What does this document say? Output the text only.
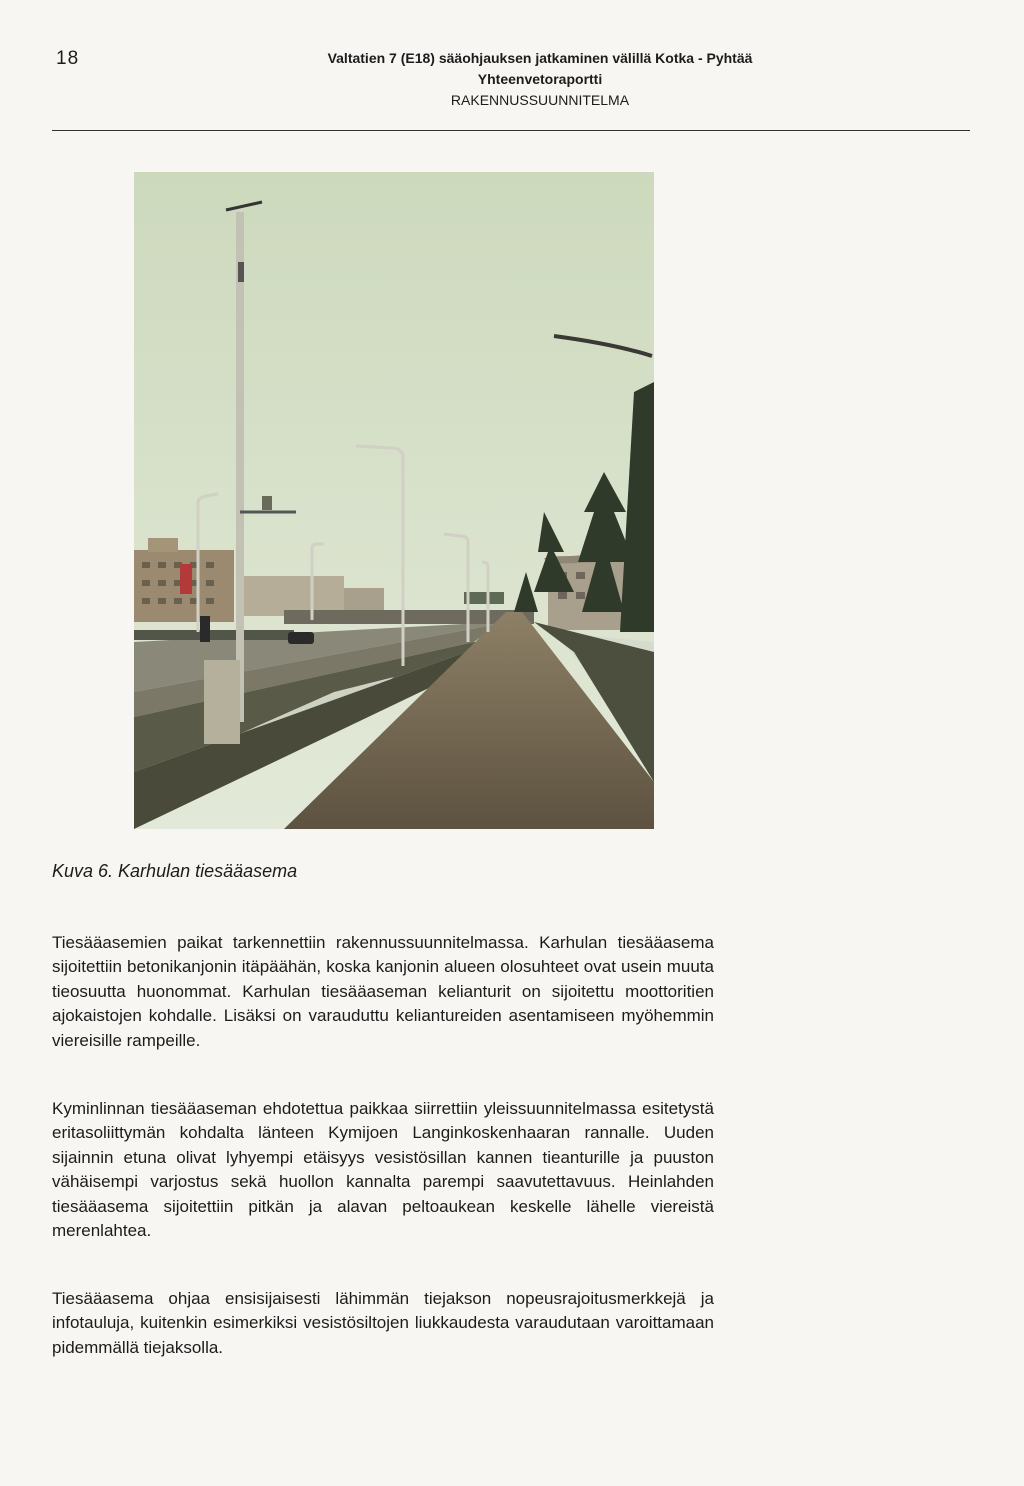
18	Valtatien 7 (E18) sääohjauksen jatkaminen välillä Kotka - Pyhtää
Yhteenvetoraportti
RAKENNUSSUUNNITELMA
Kuva 6. Karhulan tiesääasema

Tiesääasemien paikat tarkennettiin rakennussuunnitelmassa. Karhulan tiesääasema sijoitettiin betonikanjonin itäpäähän, koska kanjonin alueen olosuhteet ovat usein muuta tieosuutta huonommat. Karhulan tiesääaseman kelianturit on sijoitettu moottoritien ajokaistojen kohdalle. Lisäksi on varauduttu keliantureiden asentamiseen myöhemmin viereisille rampeille.

Kyminlinnan tiesääaseman ehdotettua paikkaa siirrettiin yleissuunnitelmassa esitetystä eritasoliittymän kohdalta länteen Kymijoen Langinkoskenhaaran rannalle. Uuden sijainnin etuna olivat lyhyempi etäisyys vesistösillan kannen tieanturille ja puuston vähäisempi varjostus sekä huollon kannalta parempi saavutettavuus. Heinlahden tiesääasema sijoitettiin pitkän ja alavan peltoaukean keskelle lähelle viereistä merenlahtea.

Tiesääasema ohjaa ensisijaisesti lähimmän tiejakson nopeusrajoitusmerkkejä ja infotauluja, kuitenkin esimerkiksi vesistösiltojen liukkaudesta varaudutaan varoittamaan pidemmällä tiejaksolla.
